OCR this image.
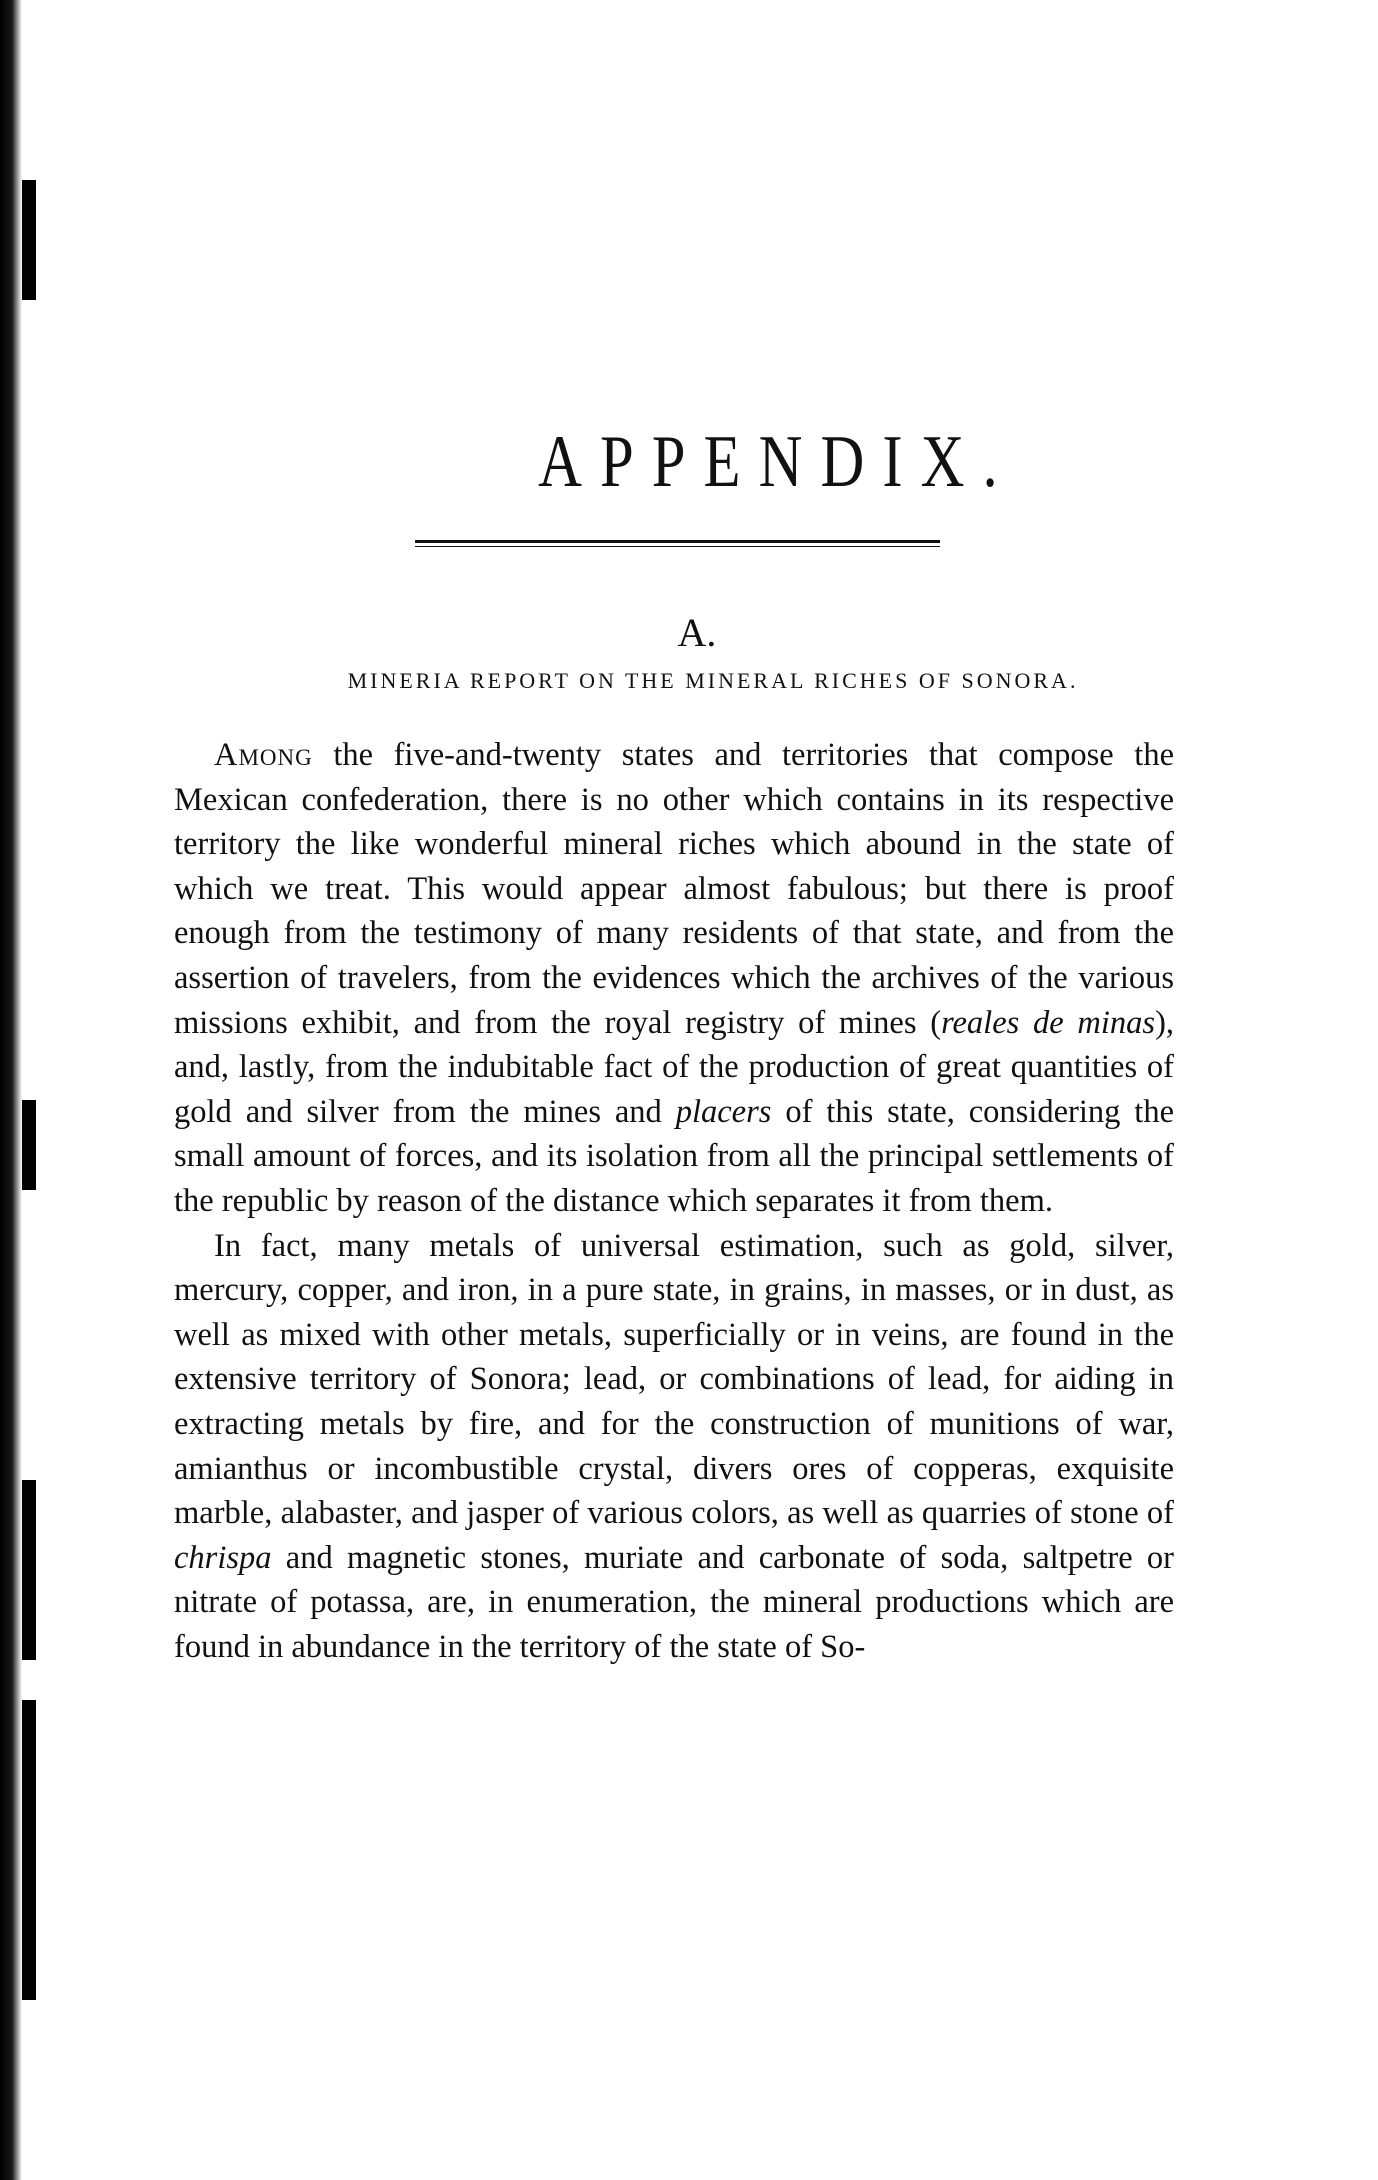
APPENDIX.
A.
MINERIA REPORT ON THE MINERAL RICHES OF SONORA.

Among the five-and-twenty states and territories that compose the Mexican confederation, there is no other which contains in its respective territory the like wonderful mineral riches which abound in the state of which we treat. This would appear almost fabulous; but there is proof enough from the testimony of many residents of that state, and from the assertion of travelers, from the evidences which the archives of the various missions exhibit, and from the royal registry of mines (reales de minas), and, lastly, from the indubitable fact of the production of great quantities of gold and silver from the mines and placers of this state, considering the small amount of forces, and its isolation from all the principal settlements of the republic by reason of the distance which separates it from them.

In fact, many metals of universal estimation, such as gold, silver, mercury, copper, and iron, in a pure state, in grains, in masses, or in dust, as well as mixed with other metals, superficially or in veins, are found in the extensive territory of Sonora; lead, or combinations of lead, for aiding in extracting metals by fire, and for the construction of munitions of war, amianthus or incombustible crystal, divers ores of copperas, exquisite marble, alabaster, and jasper of various colors, as well as quarries of stone of chrispa and magnetic stones, muriate and carbonate of soda, saltpetre or nitrate of potassa, are, in enumeration, the mineral productions which are found in abundance in the territory of the state of So-
